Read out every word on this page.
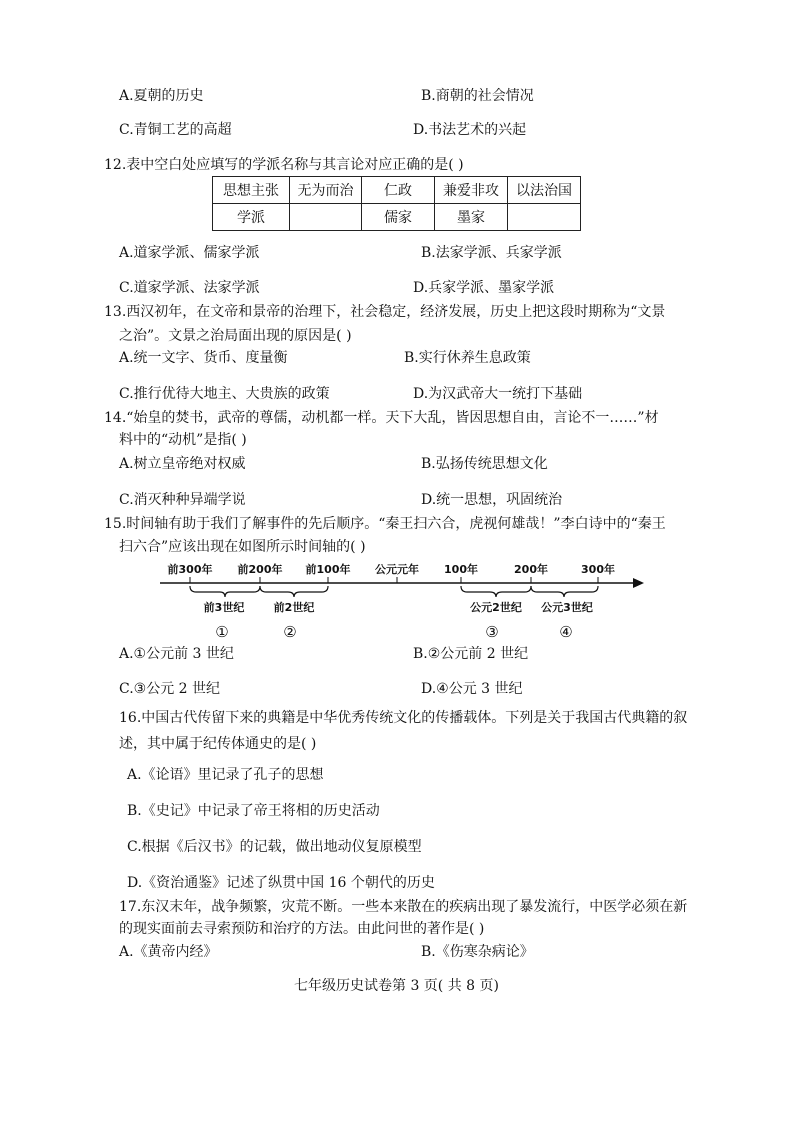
A.夏朝的历史	B.商朝的社会情况
C.青铜工艺的高超	D.书法艺术的兴起
12.表中空白处应填写的学派名称与其言论对应正确的是( )
思想主张	无为而治	仁政	兼爱非攻	以法治国
学派		儒家	墨家	
A.道家学派、儒家学派	B.法家学派、兵家学派
C.道家学派、法家学派	D.兵家学派、墨家学派
13.西汉初年，在文帝和景帝的治理下，社会稳定，经济发展，历史上把这段时期称为“文景
之治”。文景之治局面出现的原因是( )
A.统一文字、货币、度量衡	B.实行休养生息政策
C.推行优待大地主、大贵族的政策	D.为汉武帝大一统打下基础
14.“始皇的焚书，武帝的尊儒，动机都一样。天下大乱，皆因思想自由，言论不一……”材
料中的“动机”是指( )
A.树立皇帝绝对权威	B.弘扬传统思想文化
C.消灭种种异端学说	D.统一思想，巩固统治
15.时间轴有助于我们了解事件的先后顺序。“秦王扫六合，虎视何雄哉！”李白诗中的“秦王
扫六合”应该出现在如图所示时间轴的( )
前300年 前200年 前100年 公元元年 100年	200年	300年
前3世纪	前2世纪	公元2世纪 公元3世纪
①	②	③	④
A.①公元前 3 世纪	B.②公元前 2 世纪
C.③公元 2 世纪	D.④公元 3 世纪
16.中国古代传留下来的典籍是中华优秀传统文化的传播载体。下列是关于我国古代典籍的叙
述，其中属于纪传体通史的是( )
A.《论语》里记录了孔子的思想
B.《史记》中记录了帝王将相的历史活动
C.根据《后汉书》的记载，做出地动仪复原模型
D.《资治通鉴》记述了纵贯中国 16 个朝代的历史
17.东汉末年，战争频繁，灾荒不断。一些本来散在的疾病出现了暴发流行，中医学必须在新
的现实面前去寻索预防和治疗的方法。由此问世的著作是( )
A.《黄帝内经》	B.《伤寒杂病论》
七年级历史试卷第 3 页( 共 8 页)
